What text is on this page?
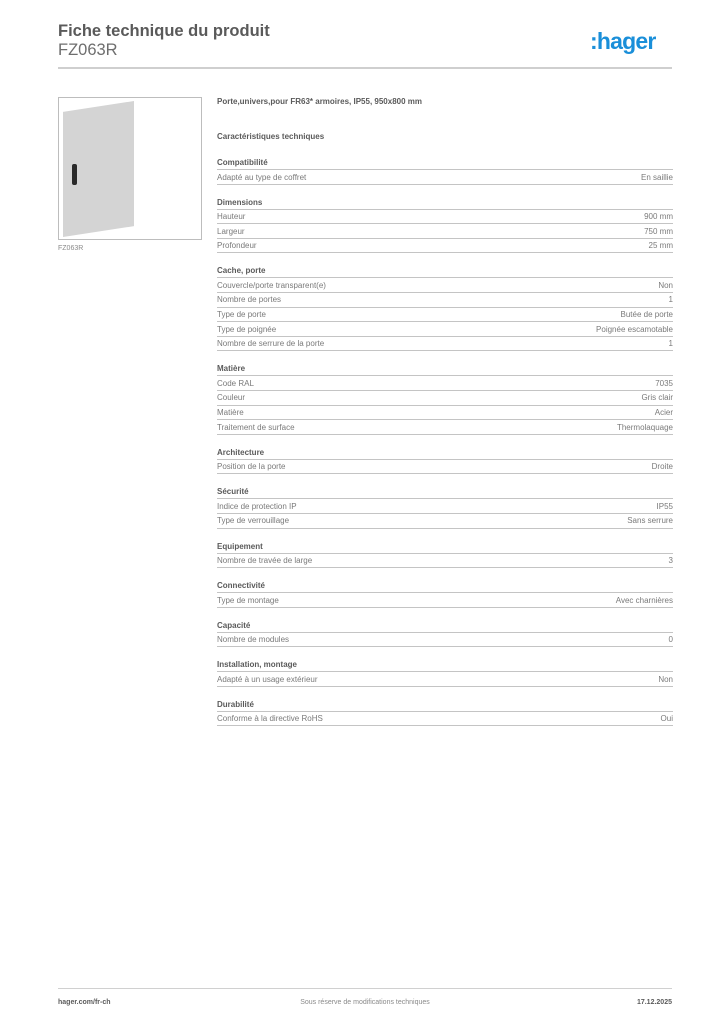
Fiche technique du produit
FZ063R	:hager
FZ063R
Porte,univers,pour FR63* armoires, IP55, 950x800 mm
Caractéristiques techniques
Compatibilité
Adapté au type de coffret	En saillie
Dimensions
Hauteur	900 mm
Largeur	750 mm
Profondeur	25 mm
Cache, porte
Couvercle/porte transparent(e)	Non
Nombre de portes	1
Type de porte	Butée de porte
Type de poignée	Poignée escamotable
Nombre de serrure de la porte	1
Matière
Code RAL	7035
Couleur	Gris clair
Matière	Acier
Traitement de surface	Thermolaquage
Architecture
Position de la porte	Droite
Sécurité
Indice de protection IP	IP55
Type de verrouillage	Sans serrure
Equipement
Nombre de travée de large	3
Connectivité
Type de montage	Avec charnières
Capacité
Nombre de modules	0
Installation, montage
Adapté à un usage extérieur	Non
Durabilité
Conforme à la directive RoHS	Oui
hager.com/fr-ch	Sous réserve de modifications techniques	17.12.2025
